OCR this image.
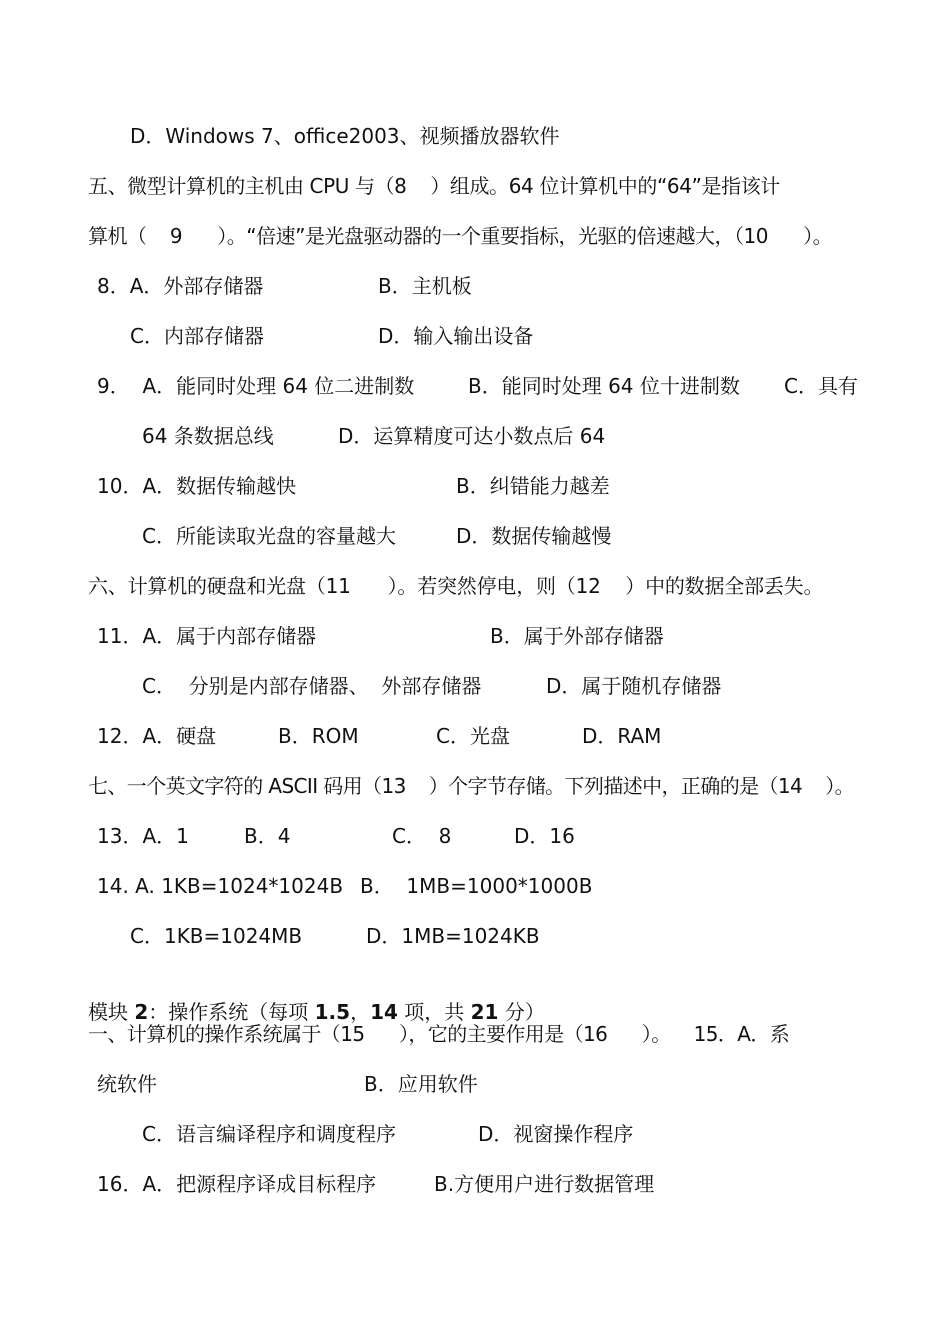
D．Windows 7、office2003、视频播放器软件

五、微型计算机的主机由 CPU 与（8    ）组成。64 位计算机中的“64”是指该计

算机（    9      ）。“倍速”是光盘驱动器的一个重要指标，光驱的倍速越大，（10      ）。

8．A．外部存储器	B．主机板

C．内部存储器	D．输入输出设备

9．  A．能同时处理 64 位二进制数	B．能同时处理 64 位十进制数 C．具有

64 条数据总线	D．运算精度可达小数点后 64

10．A．数据传输越快	B．纠错能力越差

C．所能读取光盘的容量越大	D．数据传输越慢

六、计算机的硬盘和光盘（11      ）。若突然停电，则（12    ）中的数据全部丢失。

11．A．属于内部存储器	B．属于外部存储器

C．  分别是内部存储器、  外部存储器	D．属于随机存储器

12．A．硬盘	B．ROM	C．光盘	D．RAM

七、一个英文字符的 ASCII 码用（13    ）个字节存储。下列描述中，正确的是（14    ）。

13．A．1	B．4	C．  8	D．16

14. A. 1KB=1024*1024B B．  1MB=1000*1000B

C．1KB=1024MB	D．1MB=1024KB

模块 2：操作系统（每项 1.5，14 项，共 21 分）

一、计算机的操作系统属于（15      ），它的主要作用是（16      ）。    15．A．系

统软件	B．应用软件

C．语言编译程序和调度程序	D．视窗操作程序

16．A．把源程序译成目标程序	B.方便用户进行数据管理
